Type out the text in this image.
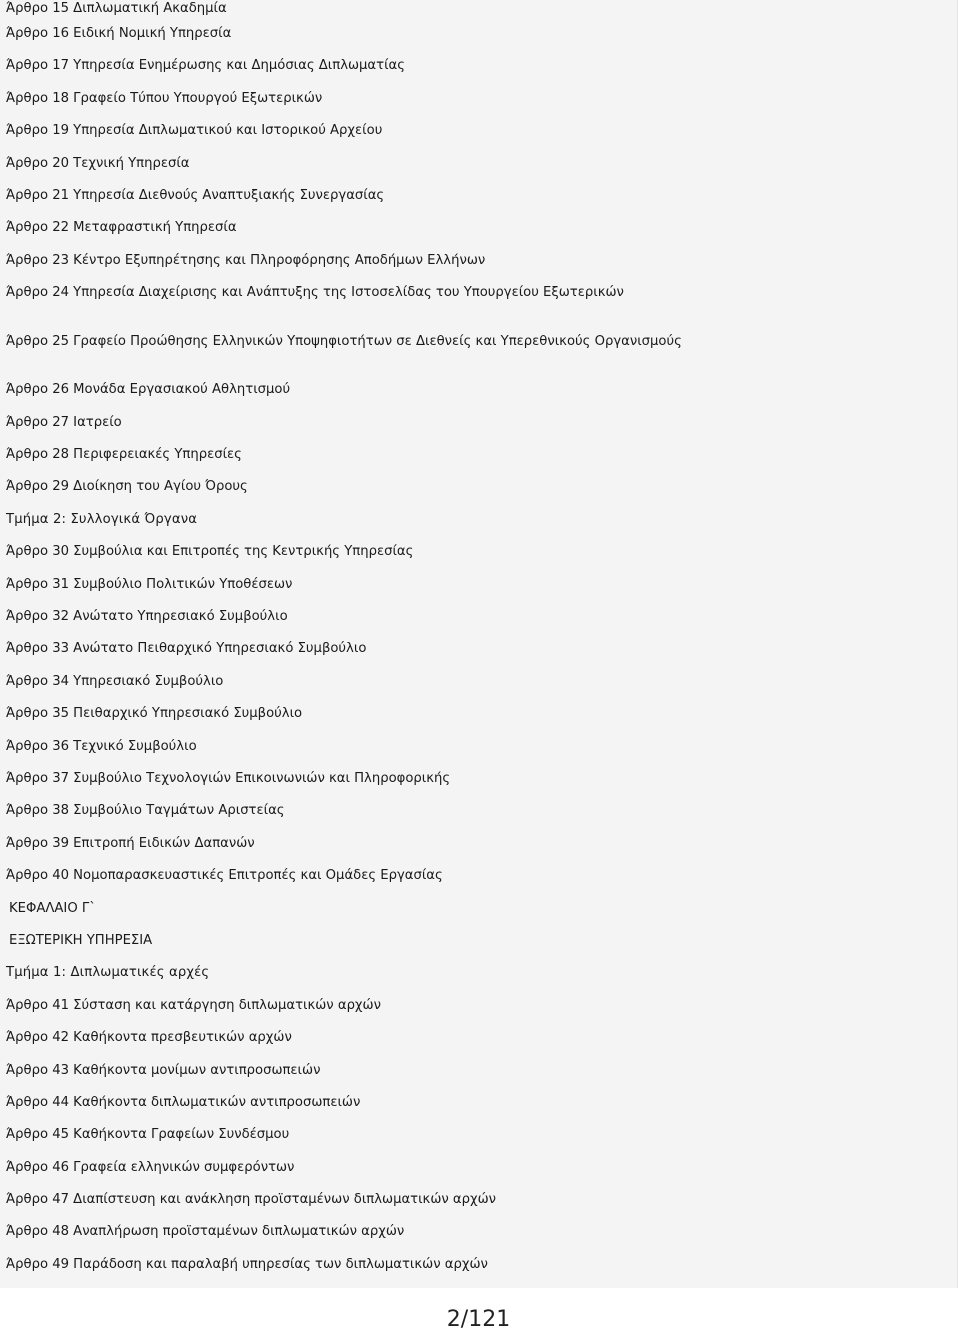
Άρθρο 15 Διπλωματική Ακαδημία
Άρθρο 16 Ειδική Νομική Υπηρεσία
Άρθρο 17 Υπηρεσία Ενημέρωσης και Δημόσιας Διπλωματίας
Άρθρο 18 Γραφείο Τύπου Υπουργού Εξωτερικών
Άρθρο 19 Υπηρεσία Διπλωματικού και Ιστορικού Αρχείου
Άρθρο 20 Τεχνική Υπηρεσία
Άρθρο 21 Υπηρεσία Διεθνούς Αναπτυξιακής Συνεργασίας
Άρθρο 22 Μεταφραστική Υπηρεσία
Άρθρο 23 Κέντρο Εξυπηρέτησης και Πληροφόρησης Αποδήμων Ελλήνων
Άρθρο 24 Υπηρεσία Διαχείρισης και Ανάπτυξης της Ιστοσελίδας του Υπουργείου Εξωτερικών
Άρθρο 25 Γραφείο Προώθησης Ελληνικών Υποψηφιοτήτων σε Διεθνείς και Υπερεθνικούς Οργανισμούς
Άρθρο 26 Μονάδα Εργασιακού Αθλητισμού
Άρθρο 27 Ιατρείο
Άρθρο 28 Περιφερειακές Υπηρεσίες
Άρθρο 29 Διοίκηση του Αγίου Όρους
Τμήμα 2: Συλλογικά Όργανα
Άρθρο 30 Συμβούλια και Επιτροπές της Κεντρικής Υπηρεσίας
Άρθρο 31 Συμβούλιο Πολιτικών Υποθέσεων
Άρθρο 32 Ανώτατο Υπηρεσιακό Συμβούλιο
Άρθρο 33 Ανώτατο Πειθαρχικό Υπηρεσιακό Συμβούλιο
Άρθρο 34 Υπηρεσιακό Συμβούλιο
Άρθρο 35 Πειθαρχικό Υπηρεσιακό Συμβούλιο
Άρθρο 36 Τεχνικό Συμβούλιο
Άρθρο 37 Συμβούλιο Τεχνολογιών Επικοινωνιών και Πληροφορικής
Άρθρο 38 Συμβούλιο Ταγμάτων Αριστείας
Άρθρο 39 Επιτροπή Ειδικών Δαπανών
Άρθρο 40 Νομοπαρασκευαστικές Επιτροπές και Ομάδες Εργασίας
ΚΕΦΑΛΑΙΟ Γ`
ΕΞΩΤΕΡΙΚΗ ΥΠΗΡΕΣΙΑ
Τμήμα 1: Διπλωματικές αρχές
Άρθρο 41 Σύσταση και κατάργηση διπλωματικών αρχών
Άρθρο 42 Καθήκοντα πρεσβευτικών αρχών
Άρθρο 43 Καθήκοντα μονίμων αντιπροσωπειών
Άρθρο 44 Καθήκοντα διπλωματικών αντιπροσωπειών
Άρθρο 45 Καθήκοντα Γραφείων Συνδέσμου
Άρθρο 46 Γραφεία ελληνικών συμφερόντων
Άρθρο 47 Διαπίστευση και ανάκληση προϊσταμένων διπλωματικών αρχών
Άρθρο 48 Αναπλήρωση προϊσταμένων διπλωματικών αρχών
Άρθρο 49 Παράδοση και παραλαβή υπηρεσίας των διπλωματικών αρχών
2/121
